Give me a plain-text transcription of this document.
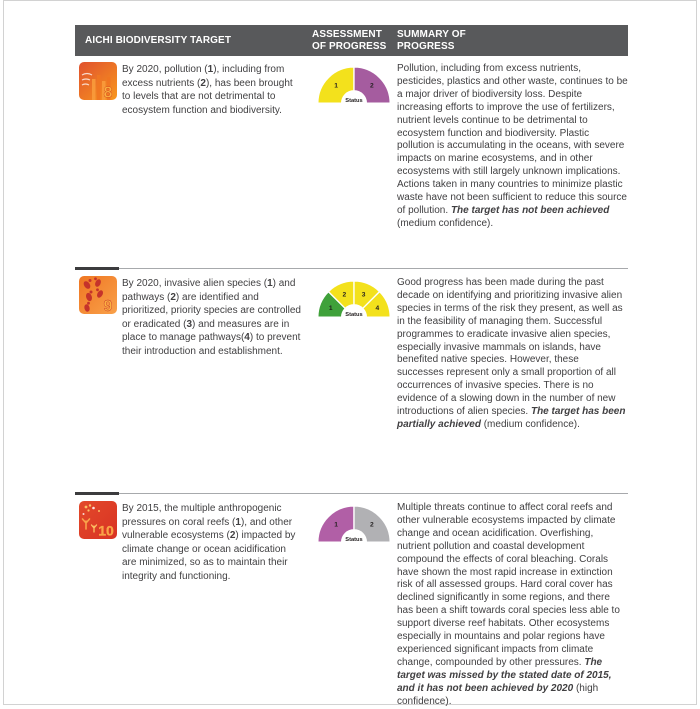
AICHI BIODIVERSITY TARGET
ASSESSMENT OF PROGRESS
SUMMARY OF PROGRESS
8
By 2020, pollution (1), including from excess nutrients (2), has been brought to levels that are not detrimental to ecosystem function and biodiversity.
1	2
Status
Pollution, including from excess nutrients, pesticides, plastics and other waste, continues to be a major driver of biodiversity loss. Despite increasing efforts to improve the use of fertilizers, nutrient levels continue to be detrimental to ecosystem function and biodiversity. Plastic pollution is accumulating in the oceans, with severe impacts on marine ecosystems, and in other ecosystems with still largely unknown implications. Actions taken in many countries to minimize plastic waste have not been sufficient to reduce this source of pollution. The target has not been achieved (medium confidence).
9
By 2020, invasive alien species (1) and pathways (2) are identified and prioritized, priority species are controlled or eradicated (3) and measures are in place to manage pathways(4) to prevent their introduction and establishment.
1
2 3
4
Status
Good progress has been made during the past decade on identifying and prioritizing invasive alien species in terms of the risk they present, as well as in the feasibility of managing them. Successful programmes to eradicate invasive alien species, especially invasive mammals on islands, have benefited native species. However, these successes represent only a small proportion of all occurrences of invasive species. There is no evidence of a slowing down in the number of new introductions of alien species. The target has been partially achieved (medium confidence).
10
By 2015, the multiple anthropogenic pressures on coral reefs (1), and other vulnerable ecosystems (2) impacted by climate change or ocean acidification are minimized, so as to maintain their integrity and functioning.
1	2
Status
Multiple threats continue to affect coral reefs and other vulnerable ecosystems impacted by climate change and ocean acidification. Overfishing, nutrient pollution and coastal development compound the effects of coral bleaching. Corals have shown the most rapid increase in extinction risk of all assessed groups. Hard coral cover has declined significantly in some regions, and there has been a shift towards coral species less able to support diverse reef habitats. Other ecosystems especially in mountains and polar regions have experienced significant impacts from climate change, compounded by other pressures. The target was missed by the stated date of 2015, and it has not been achieved by 2020 (high confidence).
